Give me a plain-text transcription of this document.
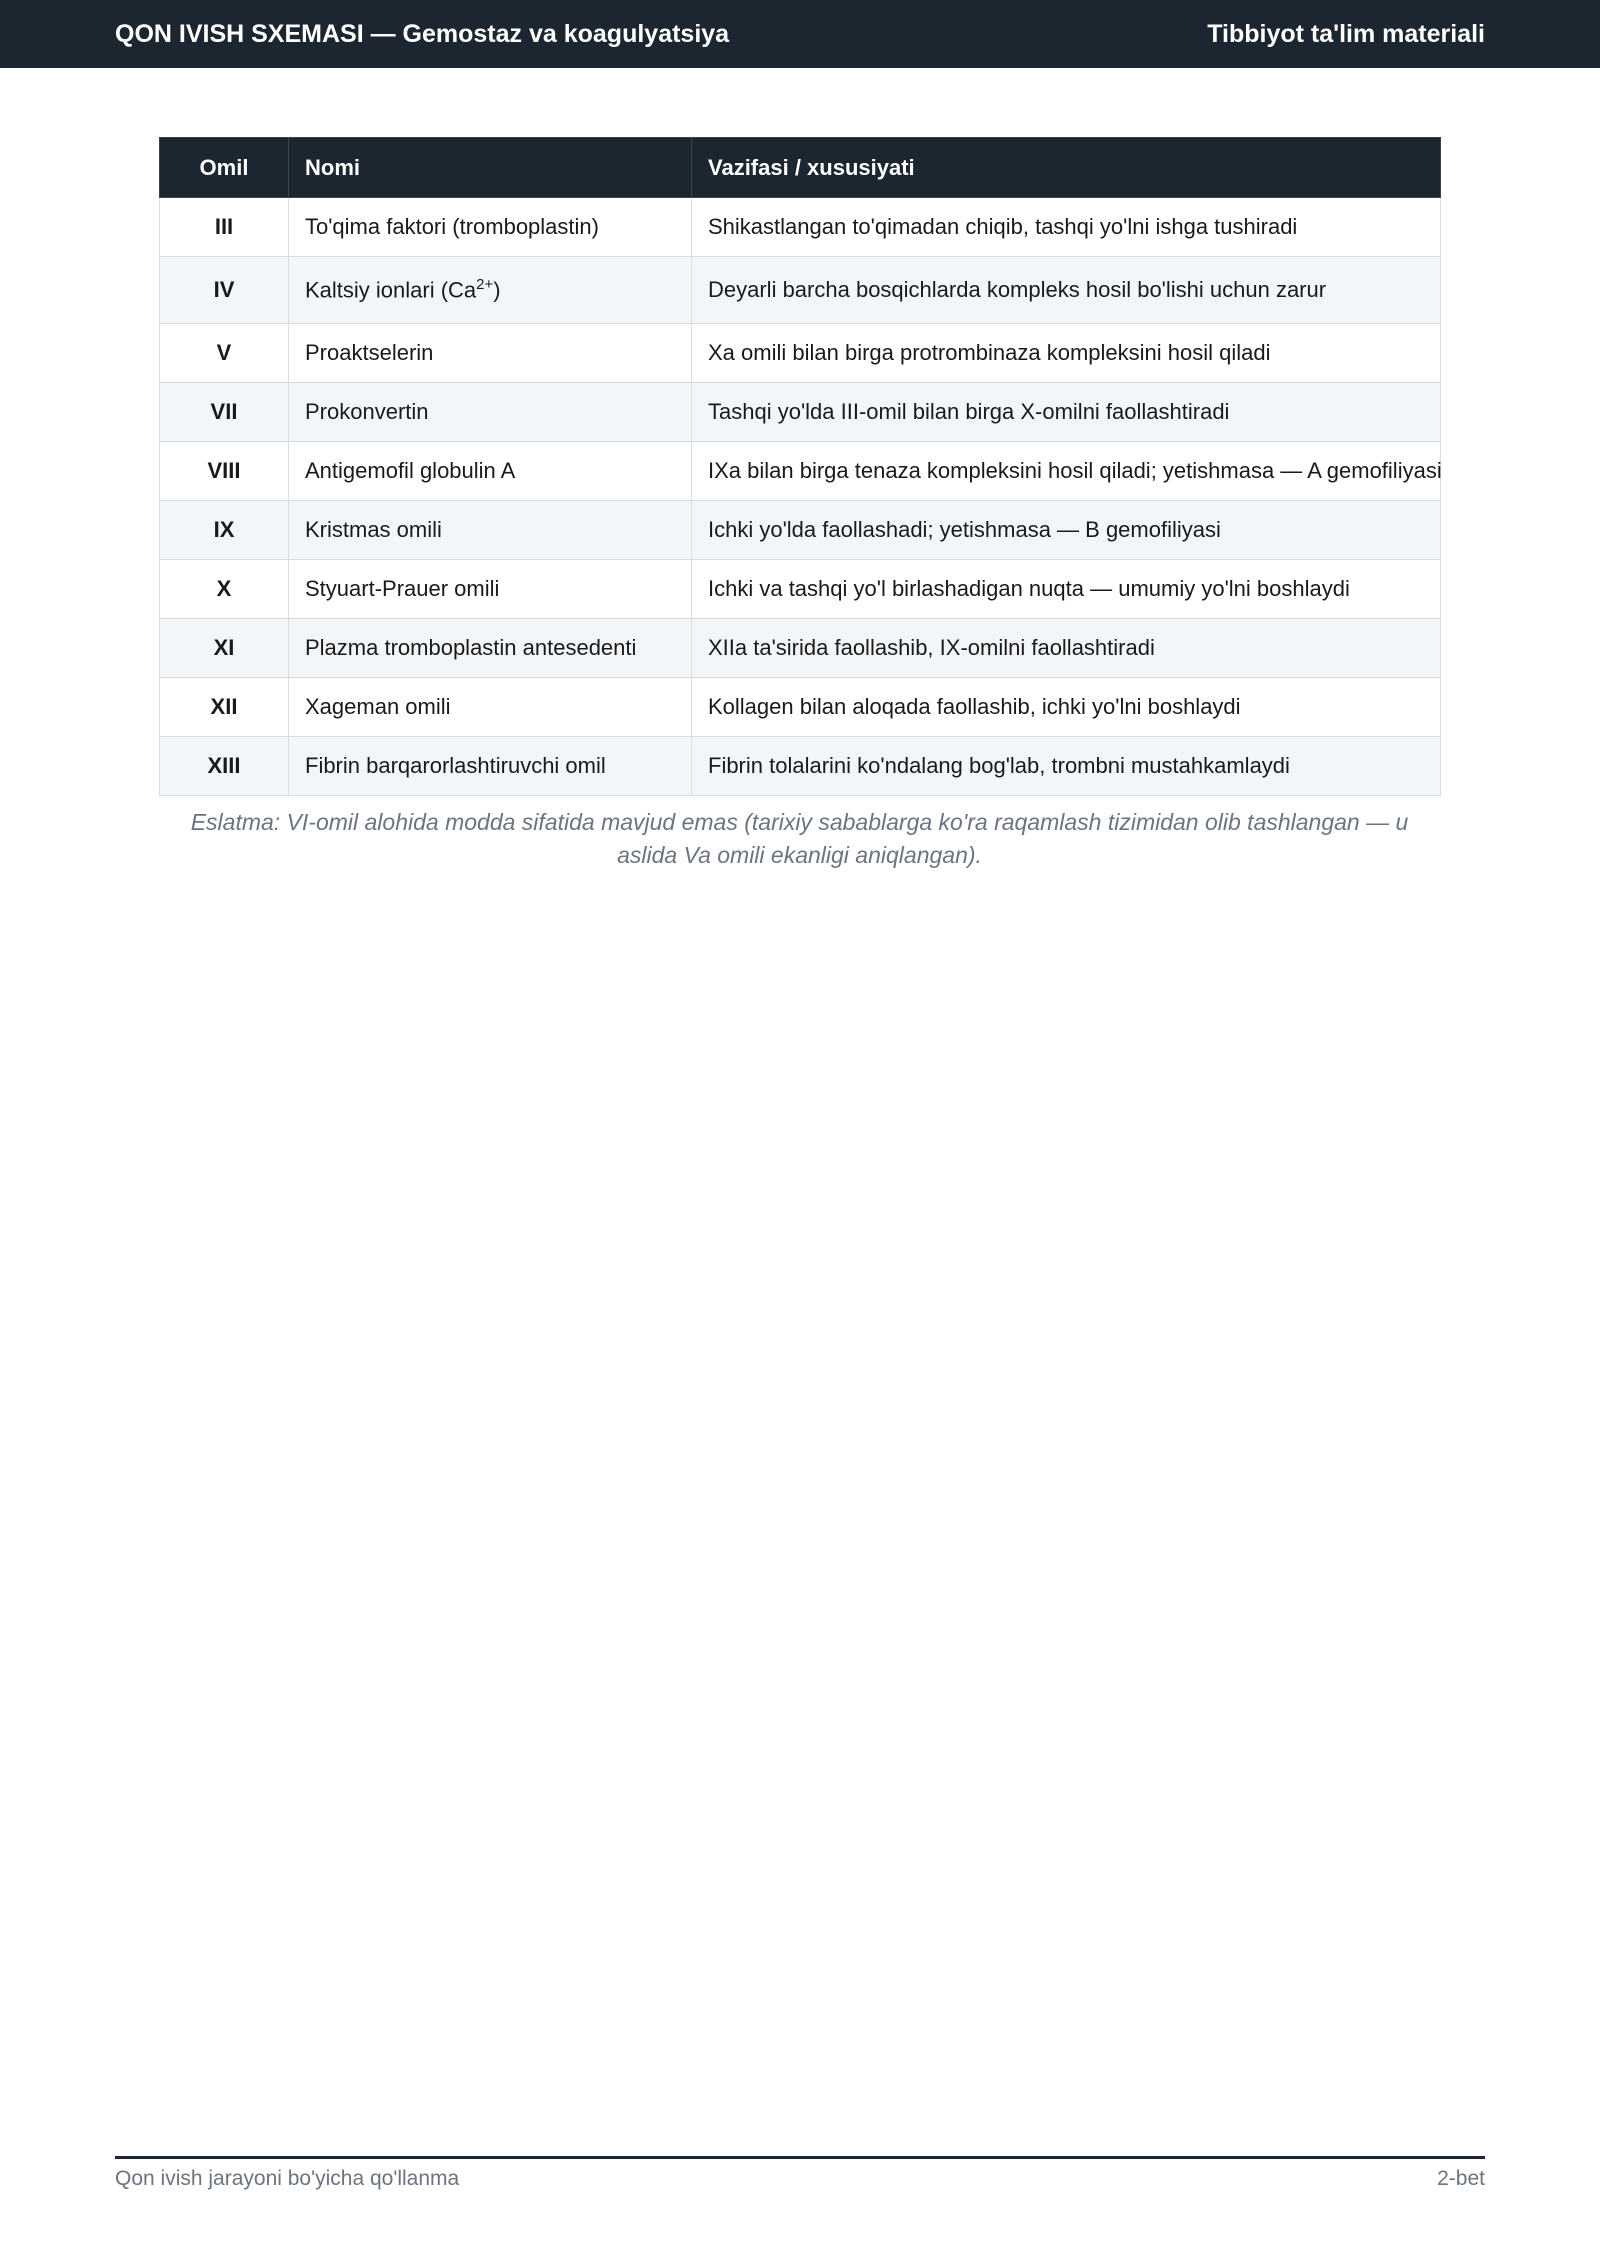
QON IVISH SXEMASI — Gemostaz va koagulyatsiya	Tibbiyot ta'lim materiali
Omil	Nomi	Vazifasi / xususiyati
III	To'qima faktori (tromboplastin)	Shikastlangan to'qimadan chiqib, tashqi yo'lni ishga tushiradi
IV	Kaltsiy ionlari $(Ca^{2+})$	Deyarli barcha bosqichlarda kompleks hosil bo'lishi uchun zarur
V	Proaktselerin	Xa omili bilan birga protrombinaza kompleksini hosil qiladi
VII	Prokonvertin	Tashqi yo'lda III-omil bilan birga X-omilni faollashtiradi
VIII	Antigemofil globulin A	IXa bilan birga tenaza kompleksini hosil qiladi; yetishmasa — A gemofiliyasi
IX	Kristmas omili	Ichki yo'lda faollashadi; yetishmasa — B gemofiliyasi
X	Styuart-Prauer omili	Ichki va tashqi yo'l birlashadigan nuqta — umumiy yo'lni boshlaydi
XI	Plazma tromboplastin antesedenti	XIIa ta'sirida faollashib, IX-omilni faollashtiradi
XII	Xageman omili	Kollagen bilan aloqada faollashib, ichki yo'lni boshlaydi
XIII	Fibrin barqarorlashtiruvchi omil	Fibrin tolalarini ko'ndalang bog'lab, trombni mustahkamlaydi
Eslatma: VI-omil alohida modda sifatida mavjud emas (tarixiy sabablarga ko'ra raqamlash tizimidan olib tashlangan — u aslida Va omili ekanligi aniqlangan).
Qon ivish jarayoni bo'yicha qo'llanma	2-bet
